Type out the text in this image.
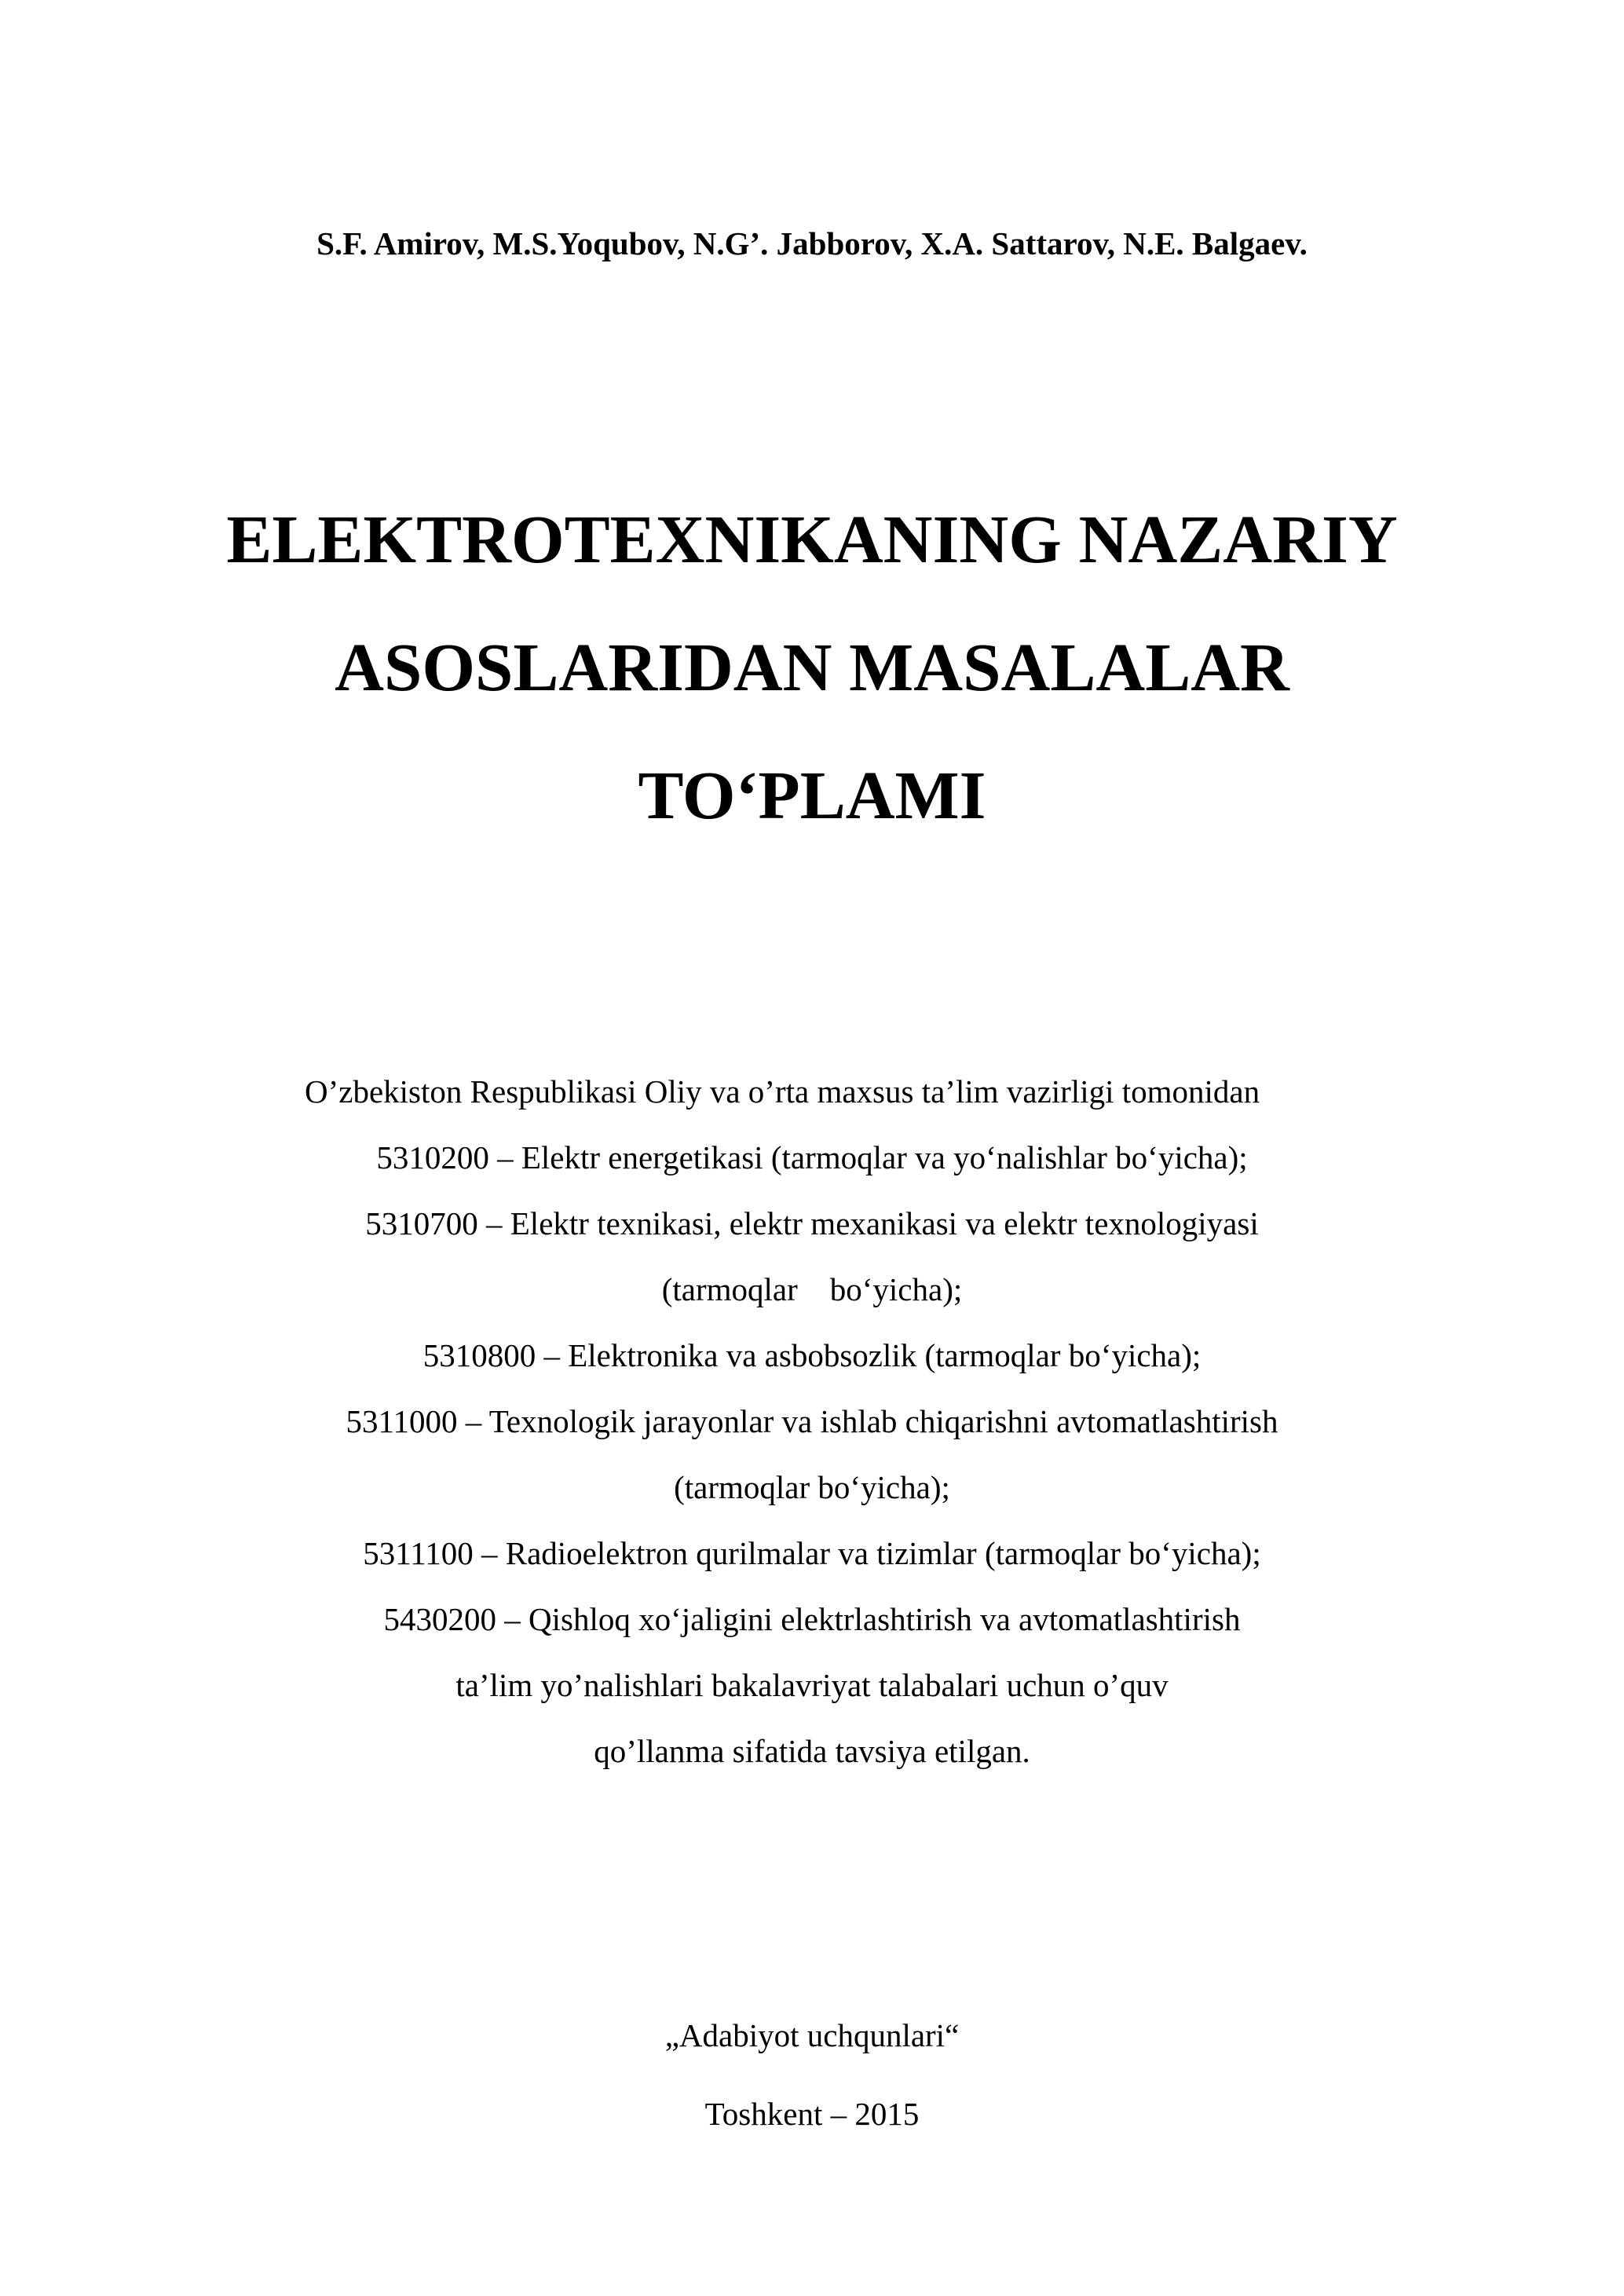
S.F. Amirov, M.S.Yoqubov, N.G’. Jabborov, X.A. Sattarov, N.E. Balgaev.
ELEKTROTEXNIKANING NAZARIY
ASOSLARIDAN MASALALAR
TO‘PLAMI
O’zbekiston Respublikasi Oliy va o’rta maxsus ta’lim vazirligi tomonidan
5310200 – Elektr energetikasi (tarmoqlar va yo‘nalishlar bo‘yicha);
5310700 – Elektr texnikasi, elektr mexanikasi va elektr texnologiyasi
(tarmoqlar    bo‘yicha);
5310800 – Elektronika va asbobsozlik (tarmoqlar bo‘yicha);
5311000 – Texnologik jarayonlar va ishlab chiqarishni avtomatlashtirish
(tarmoqlar bo‘yicha);
5311100 – Radioelektron qurilmalar va tizimlar (tarmoqlar bo‘yicha);
5430200 – Qishloq xo‘jaligini elektrlashtirish va avtomatlashtirish
ta’lim yo’nalishlari bakalavriyat talabalari uchun o’quv
qo’llanma sifatida tavsiya etilgan.
„Adabiyot uchqunlari“
Toshkent – 2015
